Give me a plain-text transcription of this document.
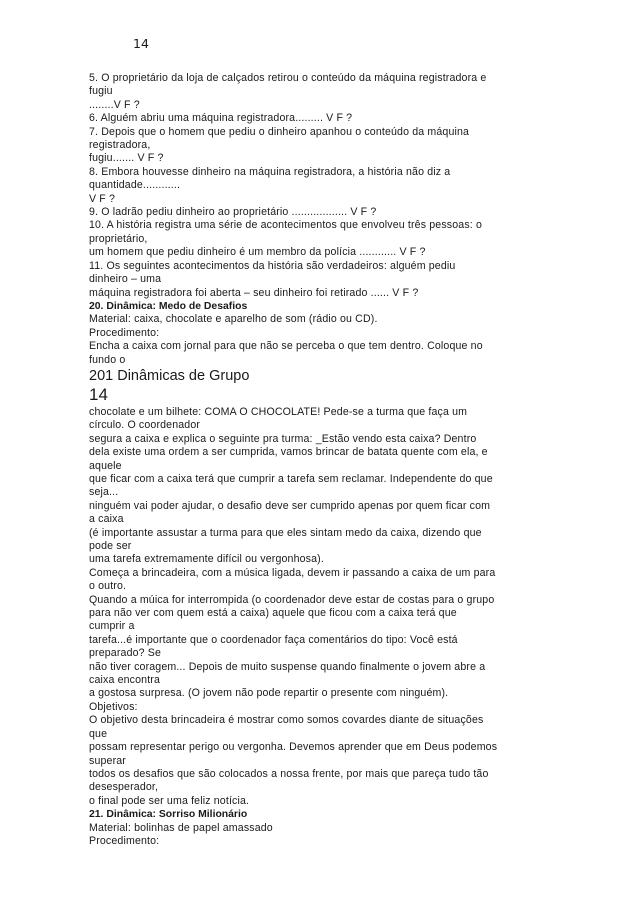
14
5. O proprietário da loja de calçados retirou o conteúdo da máquina registradora e
fugiu
........V F ?
6. Alguém abriu uma máquina registradora......... V F ?
7. Depois que o homem que pediu o dinheiro apanhou o conteúdo da máquina
registradora,
fugiu....... V F ?
8. Embora houvesse dinheiro na máquina registradora, a história não diz a
quantidade............
V F ?
9. O ladrão pediu dinheiro ao proprietário .................. V F ?
10. A história registra uma série de acontecimentos que envolveu três pessoas: o
proprietário,
um homem que pediu dinheiro é um membro da polícia ............ V F ?
11. Os seguintes acontecimentos da história são verdadeiros: alguém pediu
dinheiro – uma
máquina registradora foi aberta – seu dinheiro foi retirado ...... V F ?
20. Dinâmica: Medo de Desafios
Material: caixa, chocolate e aparelho de som (rádio ou CD).
Procedimento:
Encha a caixa com jornal para que não se perceba o que tem dentro. Coloque no
fundo o
201 Dinâmicas de Grupo
14
chocolate e um bilhete: COMA O CHOCOLATE! Pede-se a turma que faça um
círculo. O coordenador
segura a caixa e explica o seguinte pra turma: _Estão vendo esta caixa? Dentro
dela existe uma ordem a ser cumprida, vamos brincar de batata quente com ela, e
aquele
que ficar com a caixa terá que cumprir a tarefa sem reclamar. Independente do que
seja...
ninguém vai poder ajudar, o desafio deve ser cumprido apenas por quem ficar com
a caixa
(é importante assustar a turma para que eles sintam medo da caixa, dizendo que
pode ser
uma tarefa extremamente difícil ou vergonhosa).
Começa a brincadeira, com a música ligada, devem ir passando a caixa de um para
o outro.
Quando a múica for interrompida (o coordenador deve estar de costas para o grupo
para não ver com quem está a caixa) aquele que ficou com a caixa terá que
cumprir a
tarefa...é importante que o coordenador faça comentários do tipo: Você está
preparado? Se
não tiver coragem... Depois de muito suspense quando finalmente o jovem abre a
caixa encontra
a gostosa surpresa. (O jovem não pode repartir o presente com ninguém).
Objetivos:
O objetivo desta brincadeira é mostrar como somos covardes diante de situações
que
possam representar perigo ou vergonha. Devemos aprender que em Deus podemos
superar
todos os desafios que são colocados a nossa frente, por mais que pareça tudo tão
desesperador,
o final pode ser uma feliz notícia.
21. Dinâmica: Sorriso Milionário
Material: bolinhas de papel amassado
Procedimento:
